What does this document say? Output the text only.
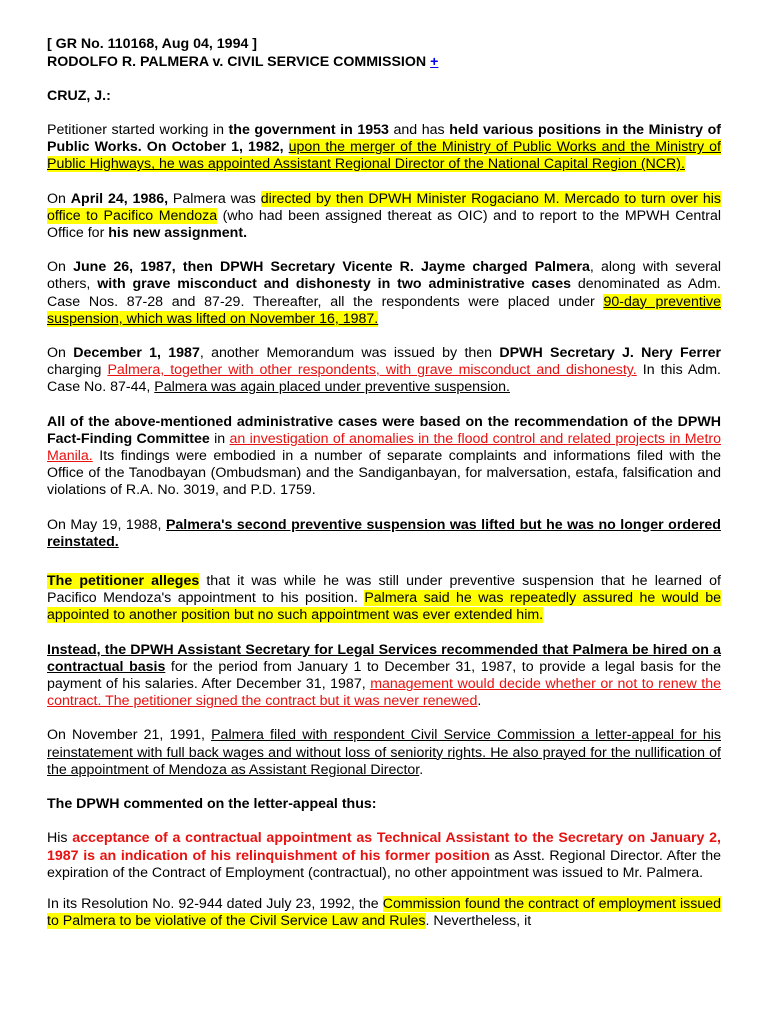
[ GR No. 110168, Aug 04, 1994 ]
RODOLFO R. PALMERA v. CIVIL SERVICE COMMISSION +
CRUZ, J.:
Petitioner started working in the government in 1953 and has held various positions in the Ministry of Public Works. On October 1, 1982, upon the merger of the Ministry of Public Works and the Ministry of Public Highways, he was appointed Assistant Regional Director of the National Capital Region (NCR).
On April 24, 1986, Palmera was directed by then DPWH Minister Rogaciano M. Mercado to turn over his office to Pacifico Mendoza (who had been assigned thereat as OIC) and to report to the MPWH Central Office for his new assignment.
On June 26, 1987, then DPWH Secretary Vicente R. Jayme charged Palmera, along with several others, with grave misconduct and dishonesty in two administrative cases denominated as Adm. Case Nos. 87-28 and 87-29. Thereafter, all the respondents were placed under 90-day preventive suspension, which was lifted on November 16, 1987.
On December 1, 1987, another Memorandum was issued by then DPWH Secretary J. Nery Ferrer charging Palmera, together with other respondents, with grave misconduct and dishonesty. In this Adm. Case No. 87-44, Palmera was again placed under preventive suspension.
All of the above-mentioned administrative cases were based on the recommendation of the DPWH Fact-Finding Committee in an investigation of anomalies in the flood control and related projects in Metro Manila. Its findings were embodied in a number of separate complaints and informations filed with the Office of the Tanodbayan (Ombudsman) and the Sandiganbayan, for malversation, estafa, falsification and violations of R.A. No. 3019, and P.D. 1759.
On May 19, 1988, Palmera's second preventive suspension was lifted but he was no longer ordered reinstated.
The petitioner alleges that it was while he was still under preventive suspension that he learned of Pacifico Mendoza's appointment to his position. Palmera said he was repeatedly assured he would be appointed to another position but no such appointment was ever extended him.
Instead, the DPWH Assistant Secretary for Legal Services recommended that Palmera be hired on a contractual basis for the period from January 1 to December 31, 1987, to provide a legal basis for the payment of his salaries. After December 31, 1987, management would decide whether or not to renew the contract. The petitioner signed the contract but it was never renewed.
On November 21, 1991, Palmera filed with respondent Civil Service Commission a letter-appeal for his reinstatement with full back wages and without loss of seniority rights. He also prayed for the nullification of the appointment of Mendoza as Assistant Regional Director.
The DPWH commented on the letter-appeal thus:
His acceptance of a contractual appointment as Technical Assistant to the Secretary on January 2, 1987 is an indication of his relinquishment of his former position as Asst. Regional Director. After the expiration of the Contract of Employment (contractual), no other appointment was issued to Mr. Palmera.
In its Resolution No. 92-944 dated July 23, 1992, the Commission found the contract of employment issued to Palmera to be violative of the Civil Service Law and Rules. Nevertheless, it
